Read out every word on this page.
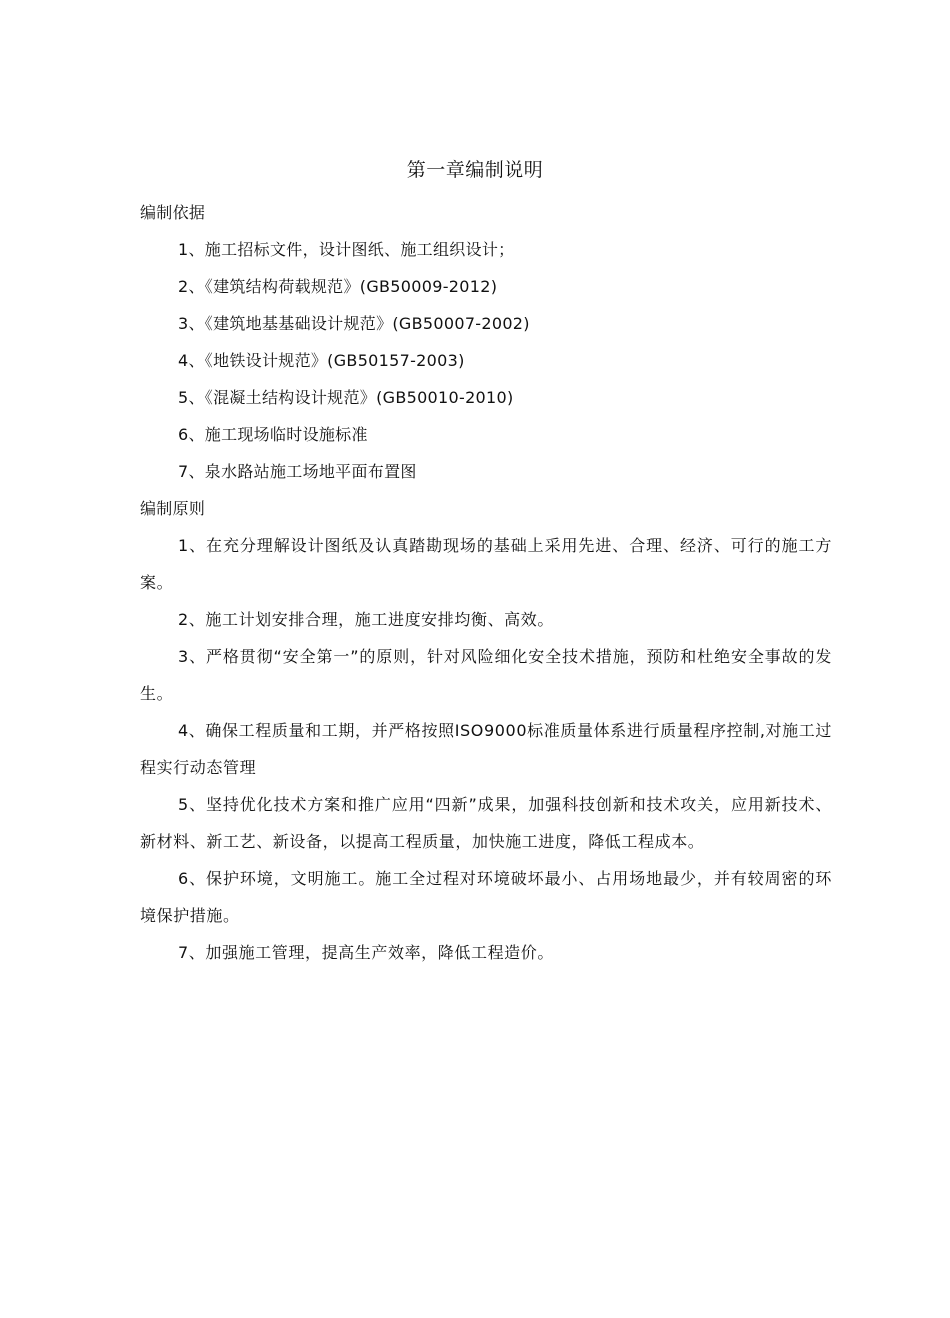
第一章编制说明

编制依据

1、施工招标文件，设计图纸、施工组织设计；

2、《建筑结构荷载规范》(GB50009-2012)

3、《建筑地基基础设计规范》(GB50007-2002)

4、《地铁设计规范》(GB50157-2003)

5、《混凝土结构设计规范》(GB50010-2010)

6、施工现场临时设施标准

7、泉水路站施工场地平面布置图

编制原则

1、在充分理解设计图纸及认真踏勘现场的基础上采用先进、合理、经济、可行的施工方案。

2、施工计划安排合理，施工进度安排均衡、高效。

3、严格贯彻“安全第一”的原则，针对风险细化安全技术措施，预防和杜绝安全事故的发生。

4、确保工程质量和工期，并严格按照ISO9000标准质量体系进行质量程序控制,对施工过程实行动态管理

5、坚持优化技术方案和推广应用“四新”成果，加强科技创新和技术攻关，应用新技术、新材料、新工艺、新设备，以提高工程质量，加快施工进度，降低工程成本。

6、保护环境，文明施工。施工全过程对环境破坏最小、占用场地最少，并有较周密的环境保护措施。

7、加强施工管理，提高生产效率，降低工程造价。
